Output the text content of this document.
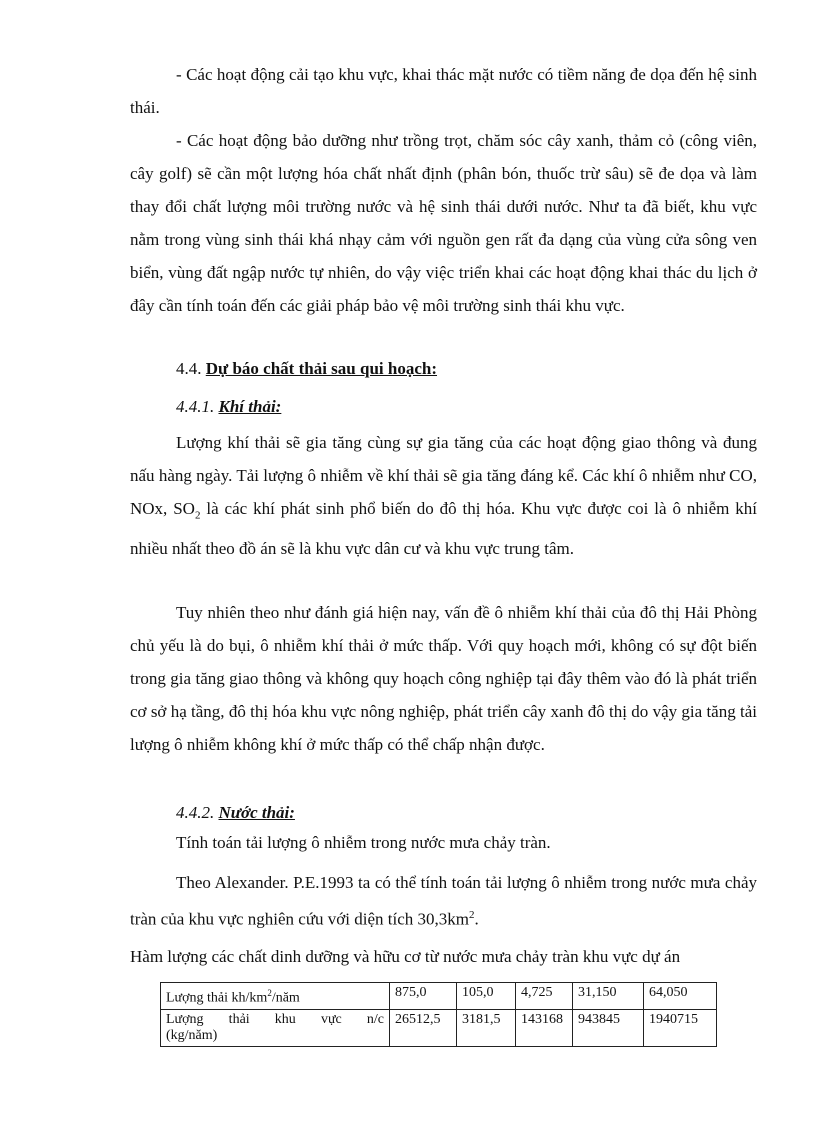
- Các hoạt động cải tạo khu vực, khai thác mặt nước có tiềm năng đe dọa đến hệ sinh thái.

- Các hoạt động bảo dưỡng như trồng trọt, chăm sóc cây xanh, thảm cỏ (công viên, cây golf) sẽ cần một lượng hóa chất nhất định (phân bón, thuốc trừ sâu) sẽ đe dọa và làm thay đổi chất lượng môi trường nước và hệ sinh thái dưới nước. Như ta đã biết, khu vực nằm trong vùng sinh thái khá nhạy cảm với nguồn gen rất đa dạng của vùng cửa sông ven biển, vùng đất ngập nước tự nhiên, do vậy việc triển khai các hoạt động khai thác du lịch ở đây cần tính toán đến các giải pháp bảo vệ môi trường sinh thái khu vực.

4.4. Dự báo chất thải sau qui hoạch:

4.4.1. Khí thải:

Lượng khí thải sẽ gia tăng cùng sự gia tăng của các hoạt động giao thông và đung nấu hàng ngày. Tải lượng ô nhiễm về khí thải sẽ gia tăng đáng kể. Các khí ô nhiễm như CO, NOx, $SO_2$ là các khí phát sinh phổ biến do đô thị hóa. Khu vực được coi là ô nhiễm khí nhiều nhất theo đồ án sẽ là khu vực dân cư và khu vực trung tâm.

Tuy nhiên theo như đánh giá hiện nay, vấn đề ô nhiễm khí thải của đô thị Hải Phòng chủ yếu là do bụi, ô nhiễm khí thải ở mức thấp. Với quy hoạch mới, không có sự đột biến trong gia tăng giao thông và không quy hoạch công nghiệp tại đây thêm vào đó là phát triển cơ sở hạ tầng, đô thị hóa khu vực nông nghiệp, phát triển cây xanh đô thị do vậy gia tăng tải lượng ô nhiễm không khí ở mức thấp có thể chấp nhận được.

4.4.2. Nước thải:

Tính toán tải lượng ô nhiễm trong nước mưa chảy tràn.

Theo Alexander. P.E.1993 ta có thể tính toán tải lượng ô nhiễm trong nước mưa chảy tràn của khu vực nghiên cứu với diện tích $30,3km^2$.

Hàm lượng các chất dinh dưỡng và hữu cơ từ nước mưa chảy tràn khu vực dự án

Lượng thải $kh/km^2$/năm	875,0	105,0	4,725	31,150	64,050

Lượng thải khu vực n/c
(kg/năm)	26512,5	3181,5	143168	943845	1940715
